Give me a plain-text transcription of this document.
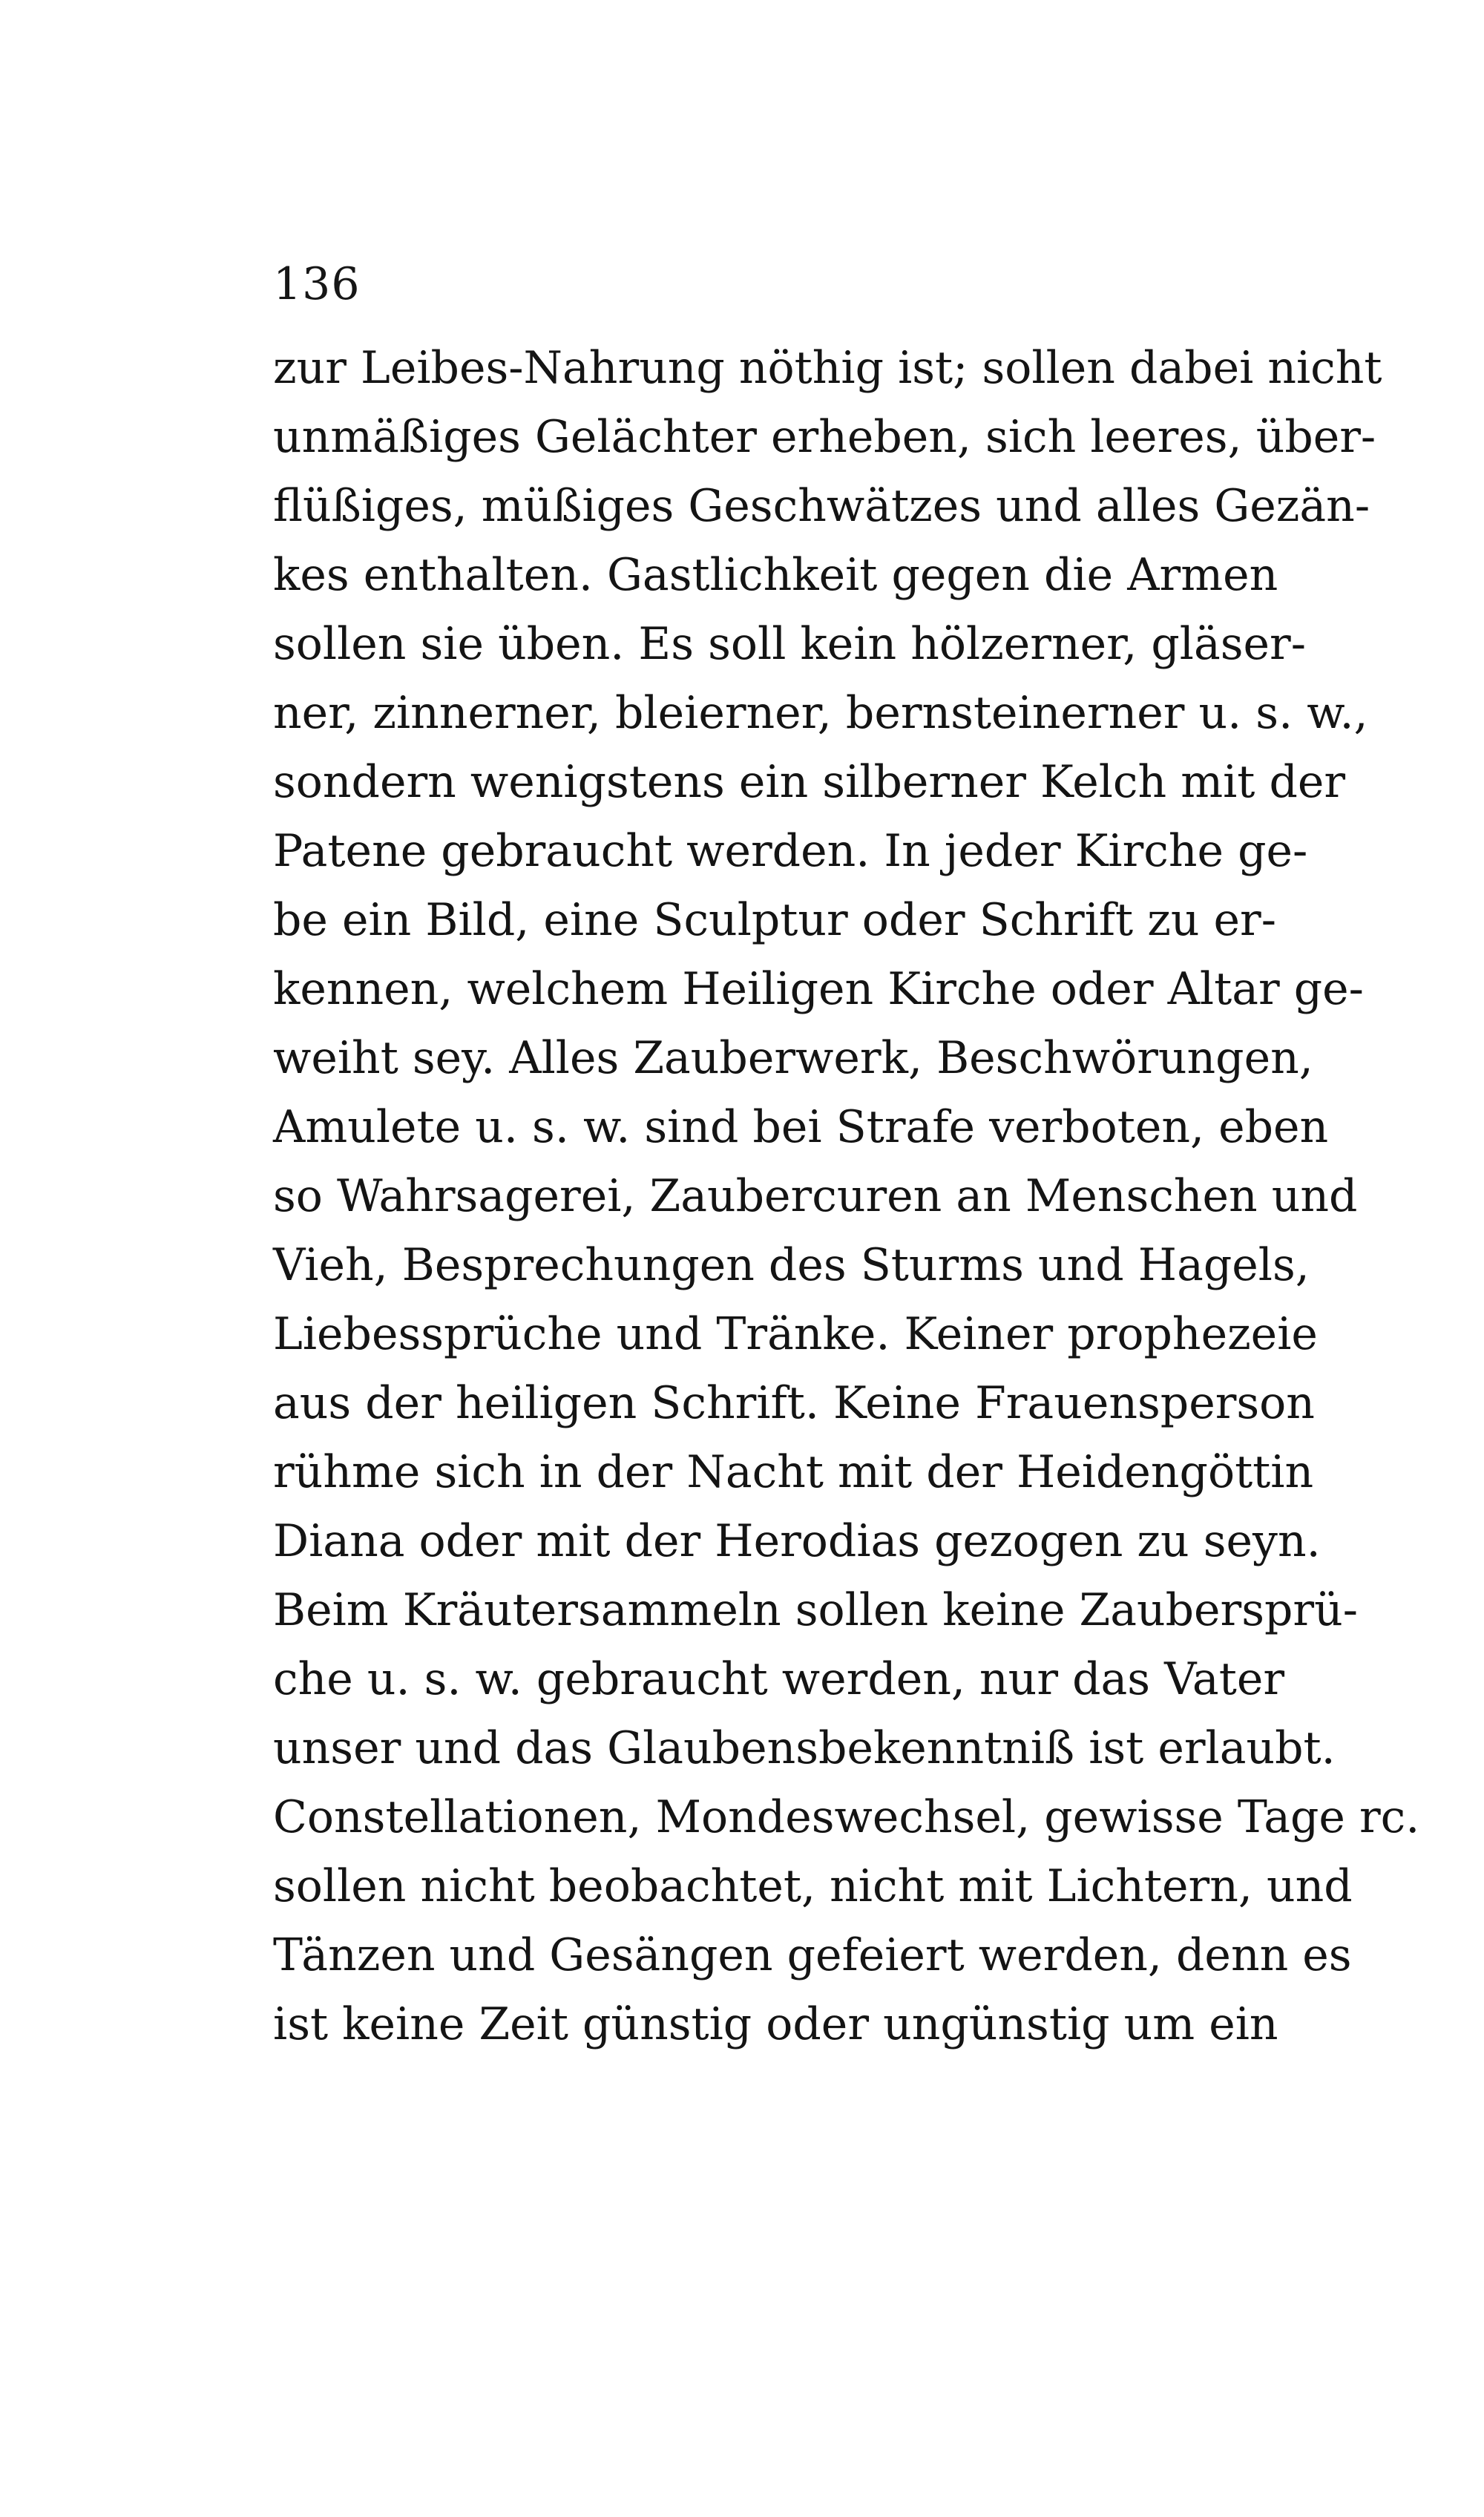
136
zur Leibes-Nahrung nöthig ist; sollen dabei nicht
unmäßiges Gelächter erheben, sich leeres, über-
flüßiges, müßiges Geschwätzes und alles Gezän-
kes enthalten. Gastlichkeit gegen die Armen
sollen sie üben. Es soll kein hölzerner, gläser-
ner, zinnerner, bleierner, bernsteinerner u. s. w.,
sondern wenigstens ein silberner Kelch mit der
Patene gebraucht werden. In jeder Kirche ge-
be ein Bild, eine Sculptur oder Schrift zu er-
kennen, welchem Heiligen Kirche oder Altar ge-
weiht sey. Alles Zauberwerk, Beschwörungen,
Amulete u. s. w. sind bei Strafe verboten, eben
so Wahrsagerei, Zaubercuren an Menschen und
Vieh, Besprechungen des Sturms und Hagels,
Liebessprüche und Tränke. Keiner prophezeie
aus der heiligen Schrift. Keine Frauensperson
rühme sich in der Nacht mit der Heidengöttin
Diana oder mit der Herodias gezogen zu seyn.
Beim Kräutersammeln sollen keine Zaubersprü-
che u. s. w. gebraucht werden, nur das Vater
unser und das Glaubensbekenntniß ist erlaubt.
Constellationen, Mondeswechsel, gewisse Tage rc.
sollen nicht beobachtet, nicht mit Lichtern, und
Tänzen und Gesängen gefeiert werden, denn es
ist keine Zeit günstig oder ungünstig um ein
